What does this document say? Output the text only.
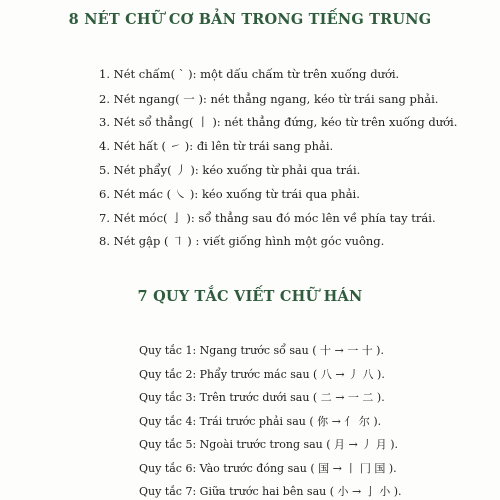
8 NÉT CHỮ CƠ BẢN TRONG TIẾNG TRUNG
1. Nét chấm( ˋ ): một dấu chấm từ trên xuống dưới.
2. Nét ngang( 一 ): nét thẳng ngang, kéo từ trái sang phải.
3. Nét sổ thẳng( 丨 ): nét thẳng đứng, kéo từ trên xuống dưới.
4. Nét hất ( ㇀ ): đi lên từ trái sang phải.
5. Nét phẩy( 丿 ): kéo xuống từ phải qua trái.
6. Nét mác ( ㇏ ): kéo xuống từ trái qua phải.
7. Nét móc( 亅 ): sổ thẳng sau đó móc lên về phía tay trái.
8. Nét gập ( ㇕ ) : viết giống hình một góc vuông.
7 QUY TẮC VIẾT CHỮ HÁN
Quy tắc 1: Ngang trước sổ sau ( 十 → 一 十 ).
Quy tắc 2: Phẩy trước mác sau ( 八 → 丿 八 ).
Quy tắc 3: Trên trước dưới sau ( 二 → 一 二 ).
Quy tắc 4: Trái trước phải sau ( 你 → 亻 尔 ).
Quy tắc 5: Ngoài trước trong sau ( 月 → 丿 月 ).
Quy tắc 6: Vào trước đóng sau ( 国 → 丨 冂 国 ).
Quy tắc 7: Giữa trước hai bên sau ( 小 → 亅 小 ).
